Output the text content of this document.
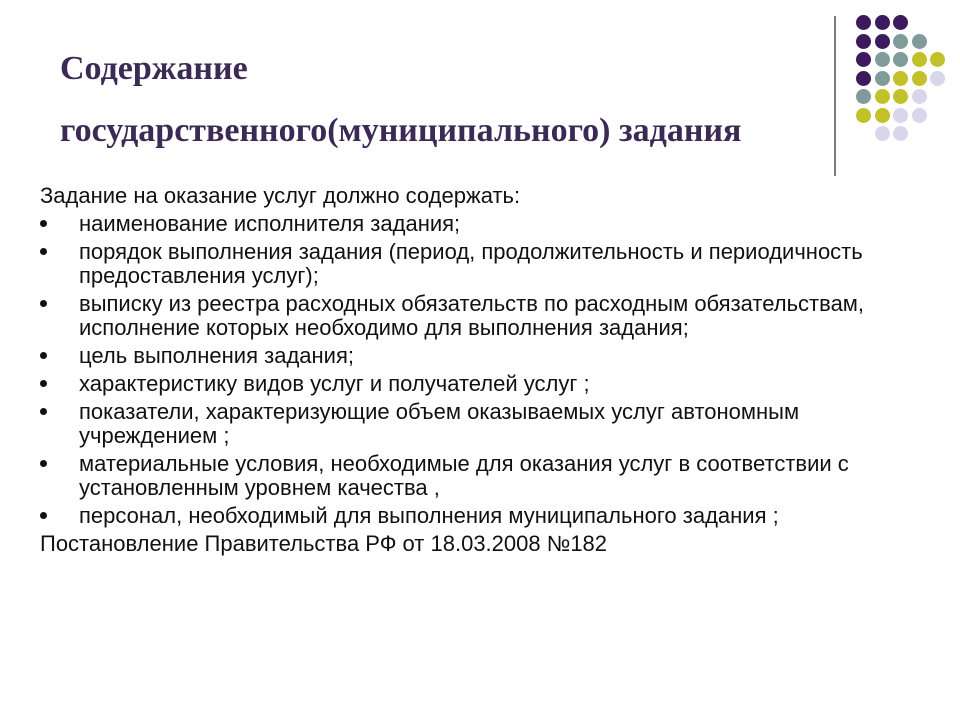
Содержание
государственного(муниципального) задания

Задание на оказание услуг должно содержать:

наименование исполнителя задания;
порядок выполнения задания (период, продолжительность и периодичность предоставления услуг);
выписку из реестра расходных обязательств по расходным обязательствам, исполнение которых необходимо для выполнения задания;
цель выполнения задания;
характеристику видов услуг и получателей услуг ;
показатели, характеризующие объем оказываемых услуг автономным учреждением ;
материальные условия, необходимые для оказания услуг в соответствии с установленным уровнем качества ,
персонал, необходимый для выполнения муниципального задания ;

Постановление Правительства РФ от 18.03.2008 №182
